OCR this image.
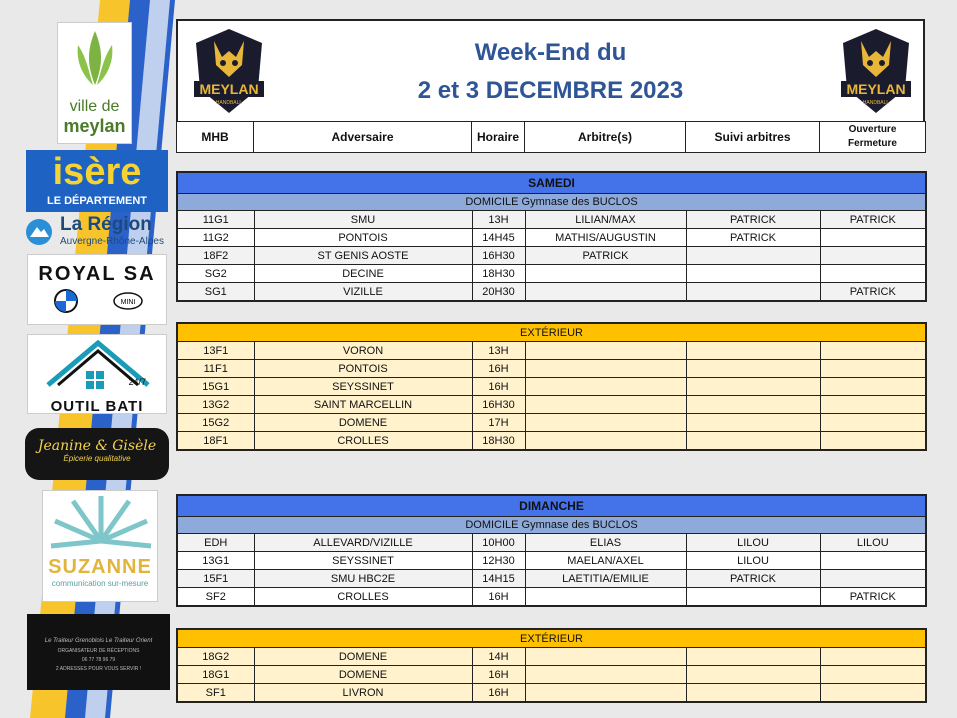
ville de
meylan
isère
LE DÉPARTEMENT
La Région
Auvergne-Rhône-Alpes
ROYAL SA
MINI
OUTIL BATI
24/7
Jeanine & Gisèle
Épicerie qualitative
SUZANNE
communication sur-mesure
Le Traiteur Grenoblois Le Traiteur Orient
ORGANISATEUR DE RÉCEPTIONS
06 77 78 96 79
2 ADRESSES POUR VOUS SERVIR !
MEYLAN
HANDBALL
Week-End du
2 et 3 DECEMBRE 2023	MEYLAN
HANDBALL
MHB	Adversaire	Horaire	Arbitre(s)	Suivi arbitres	
Ouverture
Fermeture
SAMEDI					
DOMICILE Gymnase des BUCLOS					
11G1	SMU	13H	LILIAN/MAX	PATRICK	PATRICK
11G2	PONTOIS	14H45	MATHIS/AUGUSTIN	PATRICK	
18F2	ST GENIS AOSTE	16H30	PATRICK		
SG2	DECINE	18H30			
SG1	VIZILLE	20H30			PATRICK
EXTÉRIEUR					
13F1	VORON	13H			
11F1	PONTOIS	16H			
15G1	SEYSSINET	16H			
13G2	SAINT MARCELLIN	16H30			
15G2	DOMENE	17H			
18F1	CROLLES	18H30			
DIMANCHE					
DOMICILE Gymnase des BUCLOS					
EDH	ALLEVARD/VIZILLE	10H00	ELIAS	LILOU	LILOU
13G1	SEYSSINET	12H30	MAELAN/AXEL	LILOU	
15F1	SMU HBC2E	14H15	LAETITIA/EMILIE	PATRICK	
SF2	CROLLES	16H			PATRICK
EXTÉRIEUR					
18G2	DOMENE	14H			
18G1	DOMENE	16H			
SF1	LIVRON	16H			
